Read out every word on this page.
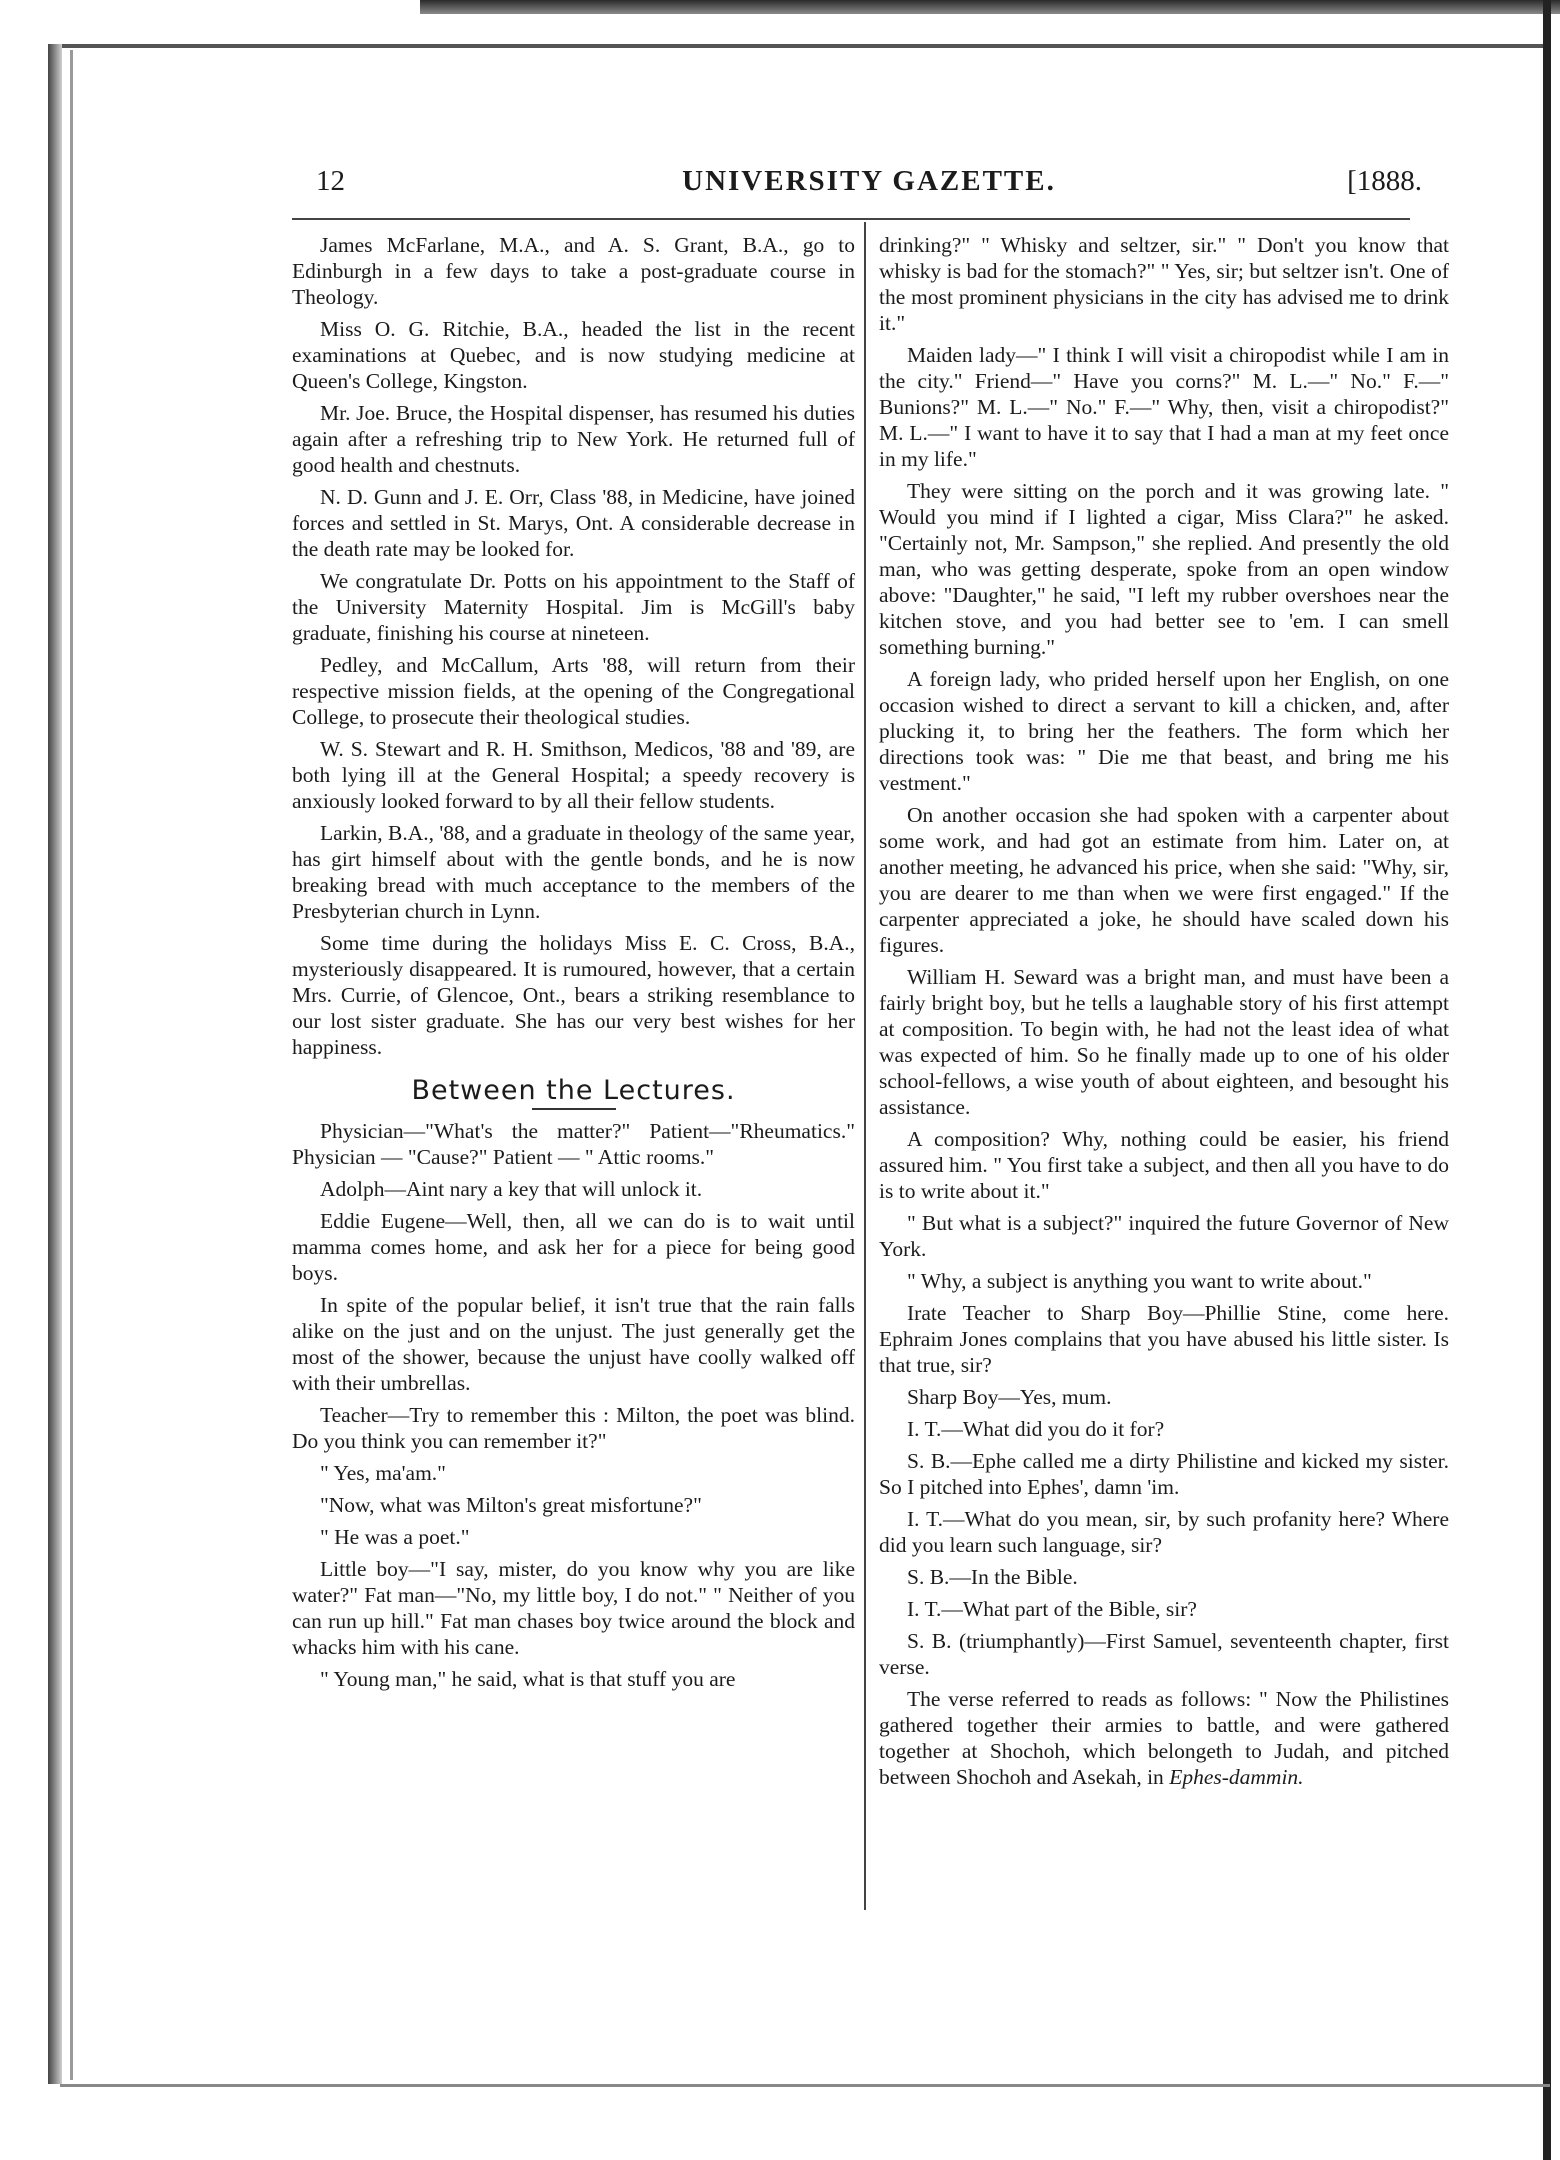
12	UNIVERSITY GAZETTE.	[1888.

James McFarlane, M.A., and A. S. Grant, B.A., go to Edinburgh in a few days to take a post-graduate course in Theology.

Miss O. G. Ritchie, B.A., headed the list in the recent examinations at Quebec, and is now studying medicine at Queen's College, Kingston.

Mr. Joe. Bruce, the Hospital dispenser, has resumed his duties again after a refreshing trip to New York. He returned full of good health and chestnuts.

N. D. Gunn and J. E. Orr, Class '88, in Medicine, have joined forces and settled in St. Marys, Ont. A considerable decrease in the death rate may be looked for.

We congratulate Dr. Potts on his appointment to the Staff of the University Maternity Hospital. Jim is McGill's baby graduate, finishing his course at nineteen.

Pedley, and McCallum, Arts '88, will return from their respective mission fields, at the opening of the Congregational College, to prosecute their theological studies.

W. S. Stewart and R. H. Smithson, Medicos, '88 and '89, are both lying ill at the General Hospital; a speedy recovery is anxiously looked forward to by all their fellow students.

Larkin, B.A., '88, and a graduate in theology of the same year, has girt himself about with the gentle bonds, and he is now breaking bread with much acceptance to the members of the Presbyterian church in Lynn.

Some time during the holidays Miss E. C. Cross, B.A., mysteriously disappeared. It is rumoured, however, that a certain Mrs. Currie, of Glencoe, Ont., bears a striking resemblance to our lost sister graduate. She has our very best wishes for her happiness.

Between the Lectures.

Physician—"What's the matter?" Patient—"Rheumatics." Physician — "Cause?" Patient — " Attic rooms."

Adolph—Aint nary a key that will unlock it.

Eddie Eugene—Well, then, all we can do is to wait until mamma comes home, and ask her for a piece for being good boys.

In spite of the popular belief, it isn't true that the rain falls alike on the just and on the unjust. The just generally get the most of the shower, because the unjust have coolly walked off with their umbrellas.

Teacher—Try to remember this : Milton, the poet was blind. Do you think you can remember it?"

" Yes, ma'am."

"Now, what was Milton's great misfortune?"

" He was a poet."

Little boy—"I say, mister, do you know why you are like water?" Fat man—"No, my little boy, I do not." " Neither of you can run up hill." Fat man chases boy twice around the block and whacks him with his cane.

" Young man," he said, what is that stuff you are

drinking?" " Whisky and seltzer, sir." " Don't you know that whisky is bad for the stomach?" " Yes, sir; but seltzer isn't. One of the most prominent physicians in the city has advised me to drink it."

Maiden lady—" I think I will visit a chiropodist while I am in the city." Friend—" Have you corns?" M. L.—" No." F.—" Bunions?" M. L.—" No." F.—" Why, then, visit a chiropodist?" M. L.—" I want to have it to say that I had a man at my feet once in my life."

They were sitting on the porch and it was growing late. " Would you mind if I lighted a cigar, Miss Clara?" he asked. "Certainly not, Mr. Sampson," she replied. And presently the old man, who was getting desperate, spoke from an open window above: "Daughter," he said, "I left my rubber overshoes near the kitchen stove, and you had better see to 'em. I can smell something burning."

A foreign lady, who prided herself upon her English, on one occasion wished to direct a servant to kill a chicken, and, after plucking it, to bring her the feathers. The form which her directions took was: " Die me that beast, and bring me his vestment."

On another occasion she had spoken with a carpenter about some work, and had got an estimate from him. Later on, at another meeting, he advanced his price, when she said: "Why, sir, you are dearer to me than when we were first engaged." If the carpenter appreciated a joke, he should have scaled down his figures.

William H. Seward was a bright man, and must have been a fairly bright boy, but he tells a laughable story of his first attempt at composition. To begin with, he had not the least idea of what was expected of him. So he finally made up to one of his older school-fellows, a wise youth of about eighteen, and besought his assistance.

A composition? Why, nothing could be easier, his friend assured him. " You first take a subject, and then all you have to do is to write about it."

" But what is a subject?" inquired the future Governor of New York.

" Why, a subject is anything you want to write about."

Irate Teacher to Sharp Boy—Phillie Stine, come here. Ephraim Jones complains that you have abused his little sister. Is that true, sir?

Sharp Boy—Yes, mum.

I. T.—What did you do it for?

S. B.—Ephe called me a dirty Philistine and kicked my sister. So I pitched into Ephes', damn 'im.

I. T.—What do you mean, sir, by such profanity here? Where did you learn such language, sir?

S. B.—In the Bible.

I. T.—What part of the Bible, sir?

S. B. (triumphantly)—First Samuel, seventeenth chapter, first verse.

The verse referred to reads as follows: " Now the Philistines gathered together their armies to battle, and were gathered together at Shochoh, which belongeth to Judah, and pitched between Shochoh and Asekah, in Ephes-dammin.
